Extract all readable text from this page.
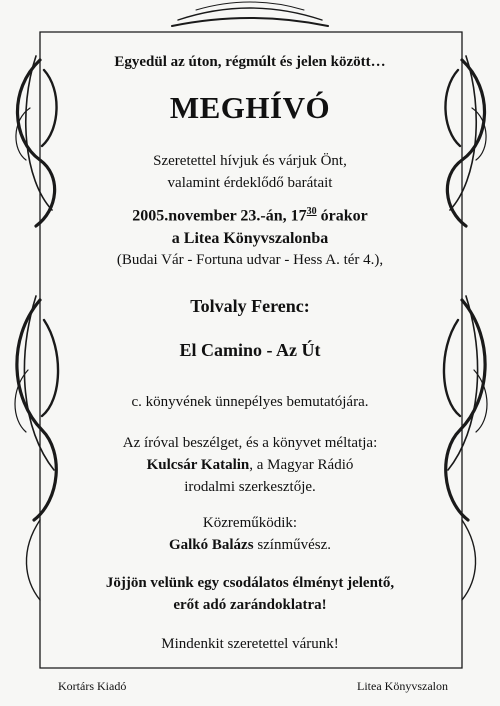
Egyedül az úton, régmúlt és jelen között…

MEGHÍVÓ

Szeretettel hívjuk és várjuk Önt,
valamint érdeklődő barátait

2005.november 23.-án, $17^{30}$ órakor

a Litea Könyvszalonba

(Budai Vár - Fortuna udvar - Hess A. tér 4.),

Tolvaly Ferenc:

El Camino - Az Út

c. könyvének ünnepélyes bemutatójára.

Az íróval beszélget, és a könyvet méltatja:
Kulcsár Katalin, a Magyar Rádió
irodalmi szerkesztője.

Közreműködik:
Galkó Balázs színművész.

Jöjjön velünk egy csodálatos élményt jelentő,
erőt adó zarándoklatra!

Mindenkit szeretettel várunk!

Kortárs Kiadó	Litea Könyvszalon
